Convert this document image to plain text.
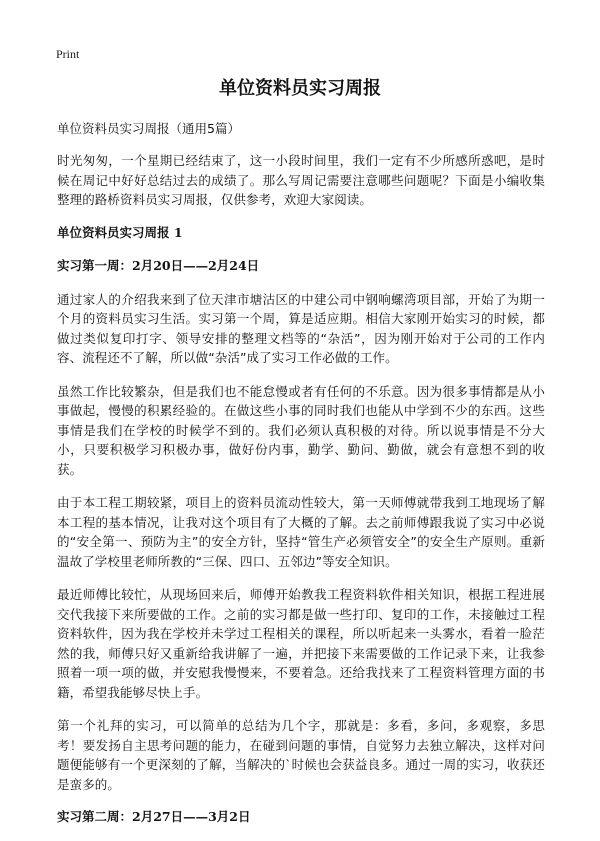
Print
单位资料员实习周报
单位资料员实习周报（通用5篇）

时光匆匆，一个星期已经结束了，这一小段时间里，我们一定有不少所感所惑吧，是时候在周记中好好总结过去的成绩了。那么写周记需要注意哪些问题呢？下面是小编收集整理的路桥资料员实习周报，仅供参考，欢迎大家阅读。

单位资料员实习周报 1
实习第一周：2月20日——2月24日

通过家人的介绍我来到了位天津市塘沽区的中建公司中钢响螺湾项目部，开始了为期一个月的资料员实习生活。实习第一个周，算是适应期。相信大家刚开始实习的时候，都做过类似复印打字、领导安排的整理文档等的“杂活”，因为刚开始对于公司的工作内容、流程还不了解，所以做“杂活”成了实习工作必做的工作。

虽然工作比较繁杂，但是我们也不能怠慢或者有任何的不乐意。因为很多事情都是从小事做起，慢慢的积累经验的。在做这些小事的同时我们也能从中学到不少的东西。这些事情是我们在学校的时候学不到的。我们必须认真积极的对待。所以说事情是不分大小，只要积极学习积极办事，做好份内事，勤学、勤问、勤做，就会有意想不到的收获。

由于本工程工期较紧，项目上的资料员流动性较大，第一天师傅就带我到工地现场了解本工程的基本情况，让我对这个项目有了大概的了解。去之前师傅跟我说了实习中必说的“安全第一、预防为主”的安全方针，坚持“管生产必须管安全”的安全生产原则。重新温故了学校里老师所教的“三保、四口、五邻边”等安全知识。

最近师傅比较忙，从现场回来后，师傅开始教我工程资料软件相关知识，根据工程进展交代我接下来所要做的工作。之前的实习都是做一些打印、复印的工作，未接触过工程资料软件，因为我在学校并未学过工程相关的课程，所以听起来一头雾水，看着一脸茫然的我，师傅只好又重新给我讲解了一遍，并把接下来需要做的工作记录下来，让我参照着一项一项的做，并安慰我慢慢来，不要着急。还给我找来了工程资料管理方面的书籍，希望我能够尽快上手。

第一个礼拜的实习，可以简单的总结为几个字，那就是：多看，多问，多观察，多思考！要发扬自主思考问题的能力，在碰到问题的事情，自觉努力去独立解决，这样对问题便能够有一个更深刻的了解，当解决的`时候也会获益良多。通过一周的实习，收获还是蛮多的。

实习第二周：2月27日——3月2日
